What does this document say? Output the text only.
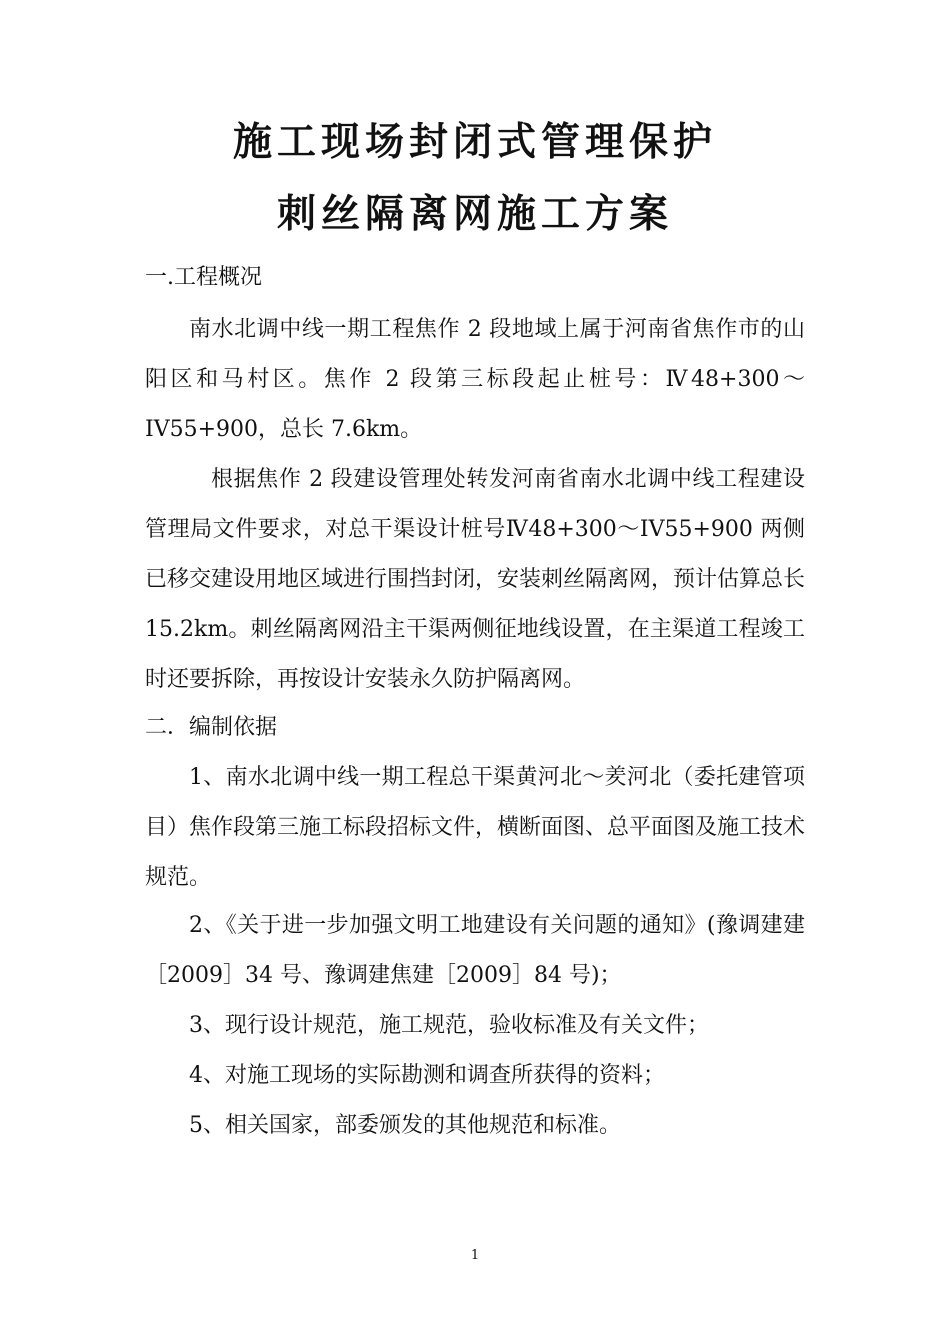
施工现场封闭式管理保护
刺丝隔离网施工方案
一.工程概况
南水北调中线一期工程焦作 2 段地域上属于河南省焦作市的山阳区和马村区。焦作 2 段第三标段起止桩号：Ⅳ48+300～IV55+900，总长 7.6km。
根据焦作 2 段建设管理处转发河南省南水北调中线工程建设管理局文件要求，对总干渠设计桩号Ⅳ48+300～IV55+900 两侧已移交建设用地区域进行围挡封闭，安装刺丝隔离网，预计估算总长 15.2km。刺丝隔离网沿主干渠两侧征地线设置，在主渠道工程竣工时还要拆除，再按设计安装永久防护隔离网。
二．编制依据
1、南水北调中线一期工程总干渠黄河北～羑河北（委托建管项目）焦作段第三施工标段招标文件，横断面图、总平面图及施工技术规范。
2、《关于进一步加强文明工地建设有关问题的通知》(豫调建建［2009］34 号、豫调建焦建［2009］84 号)；
3、现行设计规范，施工规范，验收标准及有关文件；
4、对施工现场的实际勘测和调查所获得的资料；
5、相关国家，部委颁发的其他规范和标准。
1
